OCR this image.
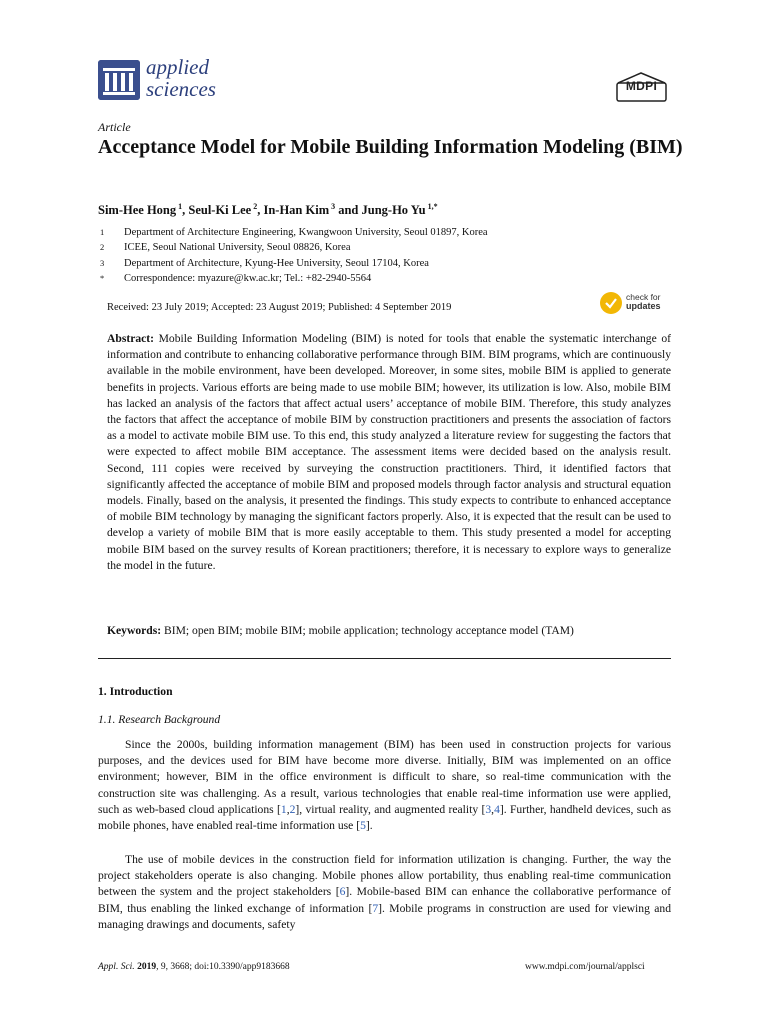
applied
sciences	MDPI
Article
Acceptance Model for Mobile Building Information Modeling (BIM)
Sim-Hee Hong $^1$, Seul-Ki Lee $^2$, In-Han Kim $^3$ and Jung-Ho Yu $^{1,*}$
1	Department of Architecture Engineering, Kwangwoon University, Seoul 01897, Korea
2	ICEE, Seoul National University, Seoul 08826, Korea
3	Department of Architecture, Kyung-Hee University, Seoul 17104, Korea
*	Correspondence: myazure@kw.ac.kr; Tel.: +82-2940-5564
Received: 23 July 2019; Accepted: 23 August 2019; Published: 4 September 2019
check for
updates
Abstract: Mobile Building Information Modeling (BIM) is noted for tools that enable the systematic interchange of information and contribute to enhancing collaborative performance through BIM. BIM programs, which are continuously available in the mobile environment, have been developed. Moreover, in some sites, mobile BIM is applied to generate benefits in projects. Various efforts are being made to use mobile BIM; however, its utilization is low. Also, mobile BIM has lacked an analysis of the factors that affect actual users’ acceptance of mobile BIM. Therefore, this study analyzes the factors that affect the acceptance of mobile BIM by construction practitioners and presents the association of factors as a model to activate mobile BIM use. To this end, this study analyzed a literature review for suggesting the factors that were expected to affect mobile BIM acceptance. The assessment items were decided based on the analysis result. Second, 111 copies were received by surveying the construction practitioners. Third, it identified factors that significantly affected the acceptance of mobile BIM and proposed models through factor analysis and structural equation models. Finally, based on the analysis, it presented the findings. This study expects to contribute to enhanced acceptance of mobile BIM technology by managing the significant factors properly. Also, it is expected that the result can be used to develop a variety of mobile BIM that is more easily acceptable to them. This study presented a model for accepting mobile BIM based on the survey results of Korean practitioners; therefore, it is necessary to explore ways to generalize the model in the future.
Keywords: BIM; open BIM; mobile BIM; mobile application; technology acceptance model (TAM)
1. Introduction
1.1. Research Background
Since the 2000s, building information management (BIM) has been used in construction projects for various purposes, and the devices used for BIM have become more diverse. Initially, BIM was implemented on an office environment; however, BIM in the office environment is difficult to share, so real-time communication with the construction site was challenging. As a result, various technologies that enable real-time information use were applied, such as web-based cloud applications [1,2], virtual reality, and augmented reality [3,4]. Further, handheld devices, such as mobile phones, have enabled real-time information use [5].
The use of mobile devices in the construction field for information utilization is changing. Further, the way the project stakeholders operate is also changing. Mobile phones allow portability, thus enabling real-time communication between the system and the project stakeholders [6]. Mobile-based BIM can enhance the collaborative performance of BIM, thus enabling the linked exchange of information [7]. Mobile programs in construction are used for viewing and managing drawings and documents, safety
Appl. Sci. 2019, 9, 3668; doi:10.3390/app9183668	www.mdpi.com/journal/applsci
